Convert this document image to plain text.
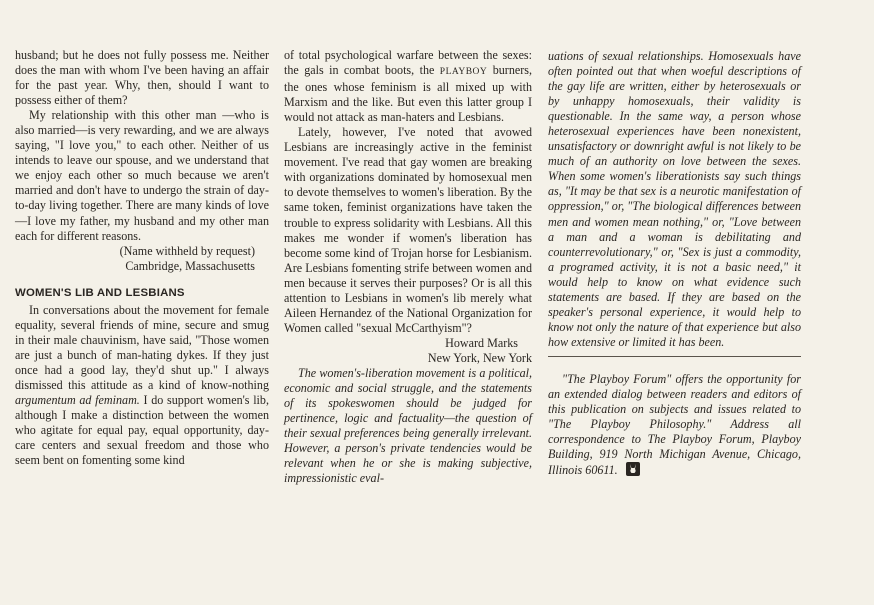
husband; but he does not fully possess me. Neither does the man with whom I've been having an affair for the past year. Why, then, should I want to possess either of them?

My relationship with this other man —who is also married—is very rewarding, and we are always saying, "I love you," to each other. Neither of us intends to leave our spouse, and we understand that we enjoy each other so much because we aren't married and don't have to undergo the strain of day-to-day living together. There are many kinds of love—I love my father, my husband and my other man each for different reasons.

(Name withheld by request)

Cambridge, Massachusetts

WOMEN'S LIB AND LESBIANS

In conversations about the movement for female equality, several friends of mine, secure and smug in their male chauvinism, have said, "Those women are just a bunch of man-hating dykes. If they just once had a good lay, they'd shut up." I always dismissed this attitude as a kind of know-nothing argumentum ad feminam. I do support women's lib, although I make a distinction between the women who agitate for equal pay, equal opportunity, day-care centers and sexual freedom and those who seem bent on fomenting some kind

of total psychological warfare between the sexes: the gals in combat boots, the PLAYBOY burners, the ones whose feminism is all mixed up with Marxism and the like. But even this latter group I would not attack as man-haters and Lesbians.

Lately, however, I've noted that avowed Lesbians are increasingly active in the feminist movement. I've read that gay women are breaking with organizations dominated by homosexual men to devote themselves to women's liberation. By the same token, feminist organizations have taken the trouble to express solidarity with Lesbians. All this makes me wonder if women's liberation has become some kind of Trojan horse for Lesbianism. Are Lesbians fomenting strife between women and men because it serves their purposes? Or is all this attention to Lesbians in women's lib merely what Aileen Hernandez of the National Organization for Women called "sexual McCarthyism"?

Howard Marks

New York, New York

The women's-liberation movement is a political, economic and social struggle, and the statements of its spokeswomen should be judged for pertinence, logic and factuality—the question of their sexual preferences being generally irrelevant. However, a person's private tendencies would be relevant when he or she is making subjective, impressionistic eval-

uations of sexual relationships. Homosexuals have often pointed out that when woeful descriptions of the gay life are written, either by heterosexuals or by unhappy homosexuals, their validity is questionable. In the same way, a person whose heterosexual experiences have been nonexistent, unsatisfactory or downright awful is not likely to be much of an authority on love between the sexes. When some women's liberationists say such things as, "It may be that sex is a neurotic manifestation of oppression," or, "The biological differences between men and women mean nothing," or, "Love between a man and a woman is debilitating and counterrevolutionary," or, "Sex is just a commodity, a programed activity, it is not a basic need," it would help to know on what evidence such statements are based. If they are based on the speaker's personal experience, it would help to know not only the nature of that experience but also how extensive or limited it has been.

"The Playboy Forum" offers the opportunity for an extended dialog between readers and editors of this publication on subjects and issues related to "The Playboy Philosophy." Address all correspondence to The Playboy Forum, Playboy Building, 919 North Michigan Avenue, Chicago, Illinois 60611.
